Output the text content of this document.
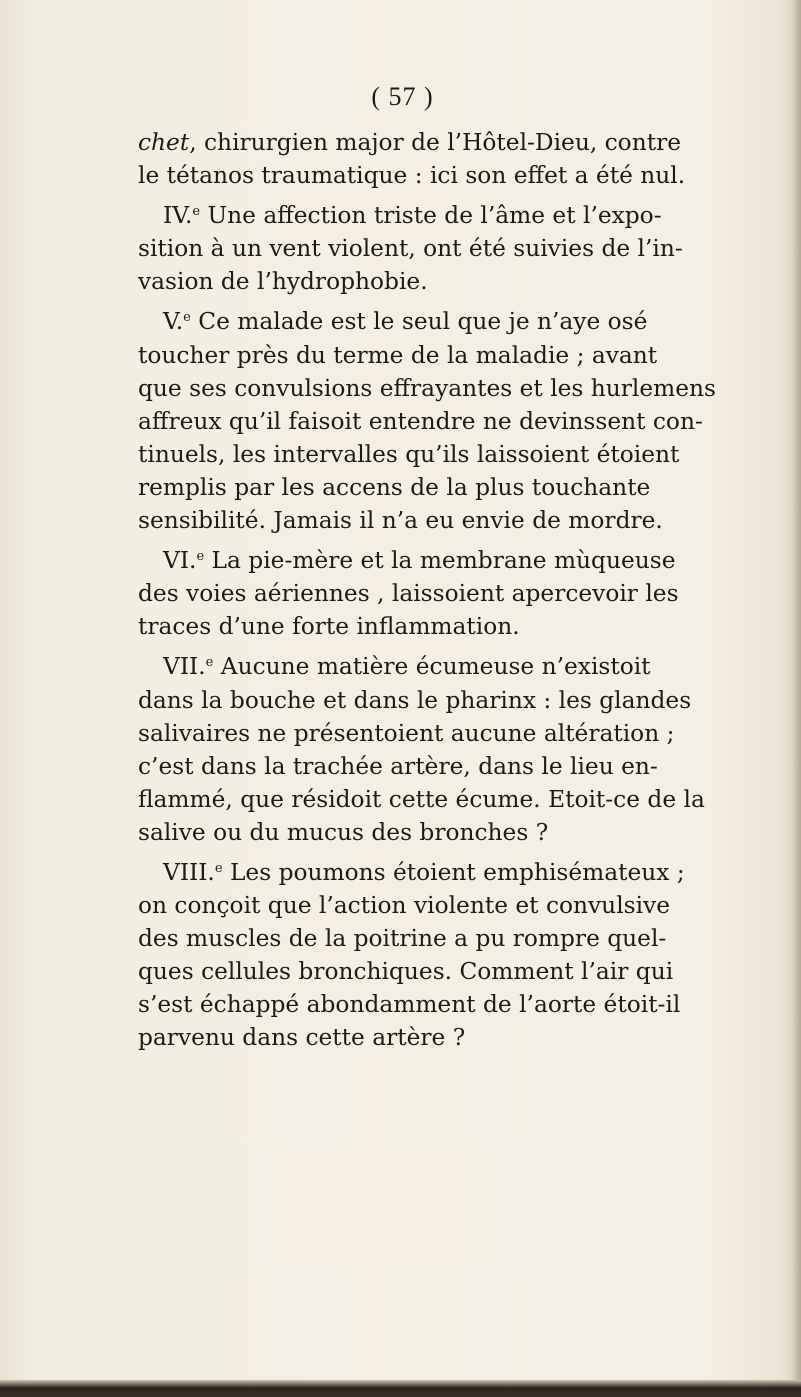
( 57 )
chet, chirurgien major de l’Hôtel-Dieu, contre
le tétanos traumatique : ici son effet a été nul.
IV.$^e$ Une affection triste de l’âme et l’expo-
sition à un vent violent, ont été suivies de l’in-
vasion de l’hydrophobie.
V.$^e$ Ce malade est le seul que je n’aye osé
toucher près du terme de la maladie ; avant
que ses convulsions effrayantes et les hurlemens
affreux qu’il faisoit entendre ne devinssent con-
tinuels, les intervalles qu’ils laissoient étoient
remplis par les accens de la plus touchante
sensibilité. Jamais il n’a eu envie de mordre.
VI.$^e$ La pie-mère et la membrane mùqueuse
des voies aériennes , laissoient apercevoir les
traces d’une forte inflammation.
VII.$^e$ Aucune matière écumeuse n’existoit
dans la bouche et dans le pharinx : les glandes
salivaires ne présentoient aucune altération ;
c’est dans la trachée artère, dans le lieu en-
flammé, que résidoit cette écume. Etoit-ce de la
salive ou du mucus des bronches ?
VIII.$^e$ Les poumons étoient emphisémateux ;
on conçoit que l’action violente et convulsive
des muscles de la poitrine a pu rompre quel-
ques cellules bronchiques. Comment l’air qui
s’est échappé abondamment de l’aorte étoit-il
parvenu dans cette artère ?
